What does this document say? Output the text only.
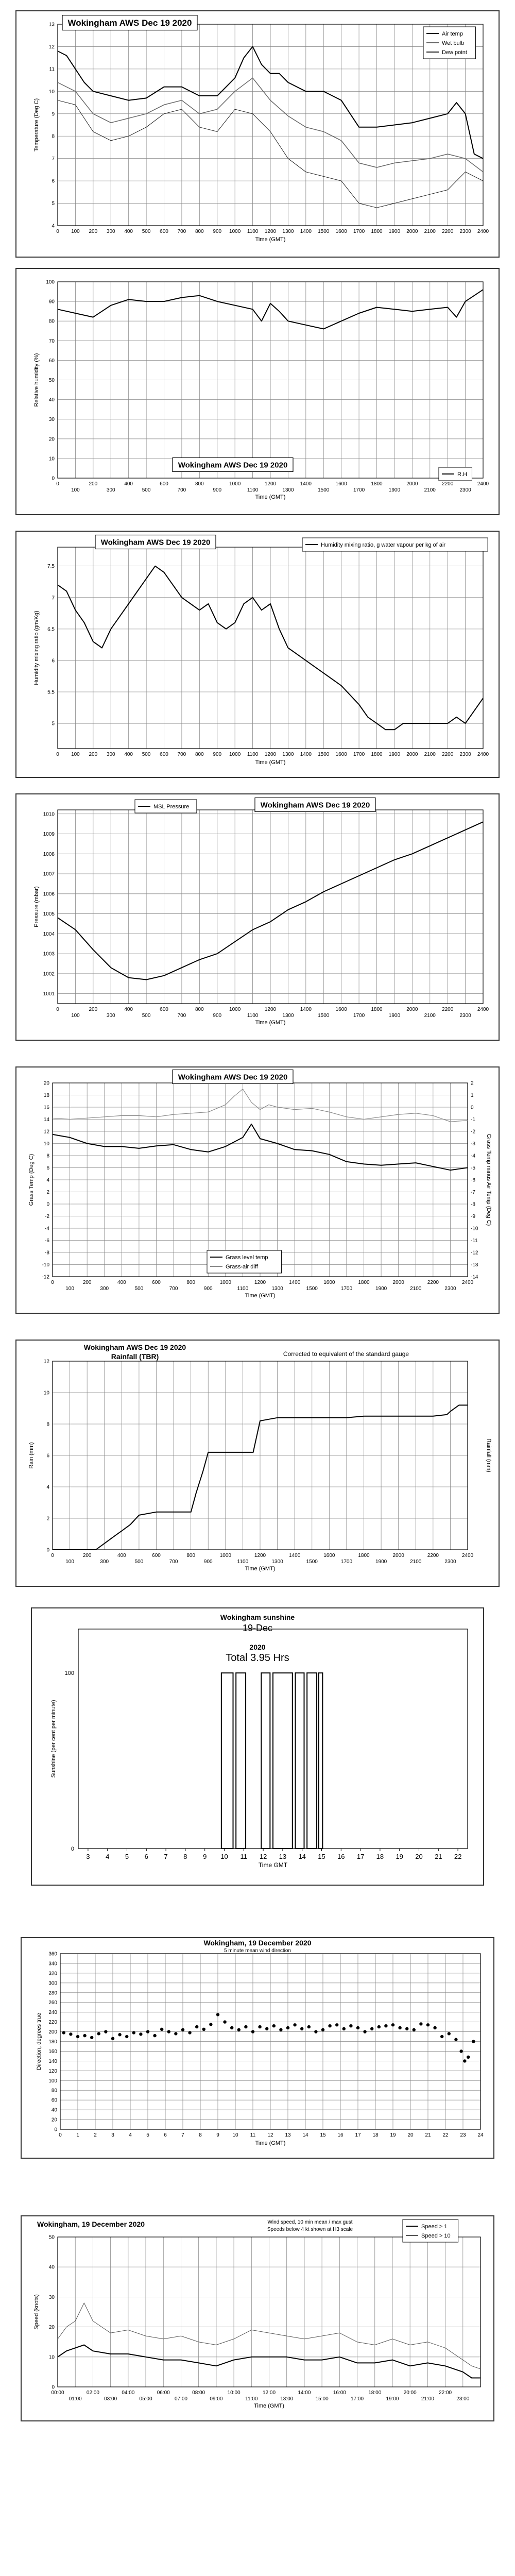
4
5
6
7
8
9
10
11
12
13
0 100 200 300 400 500 600 700 800 900 1000 1100 1200 1300 1400 1500 1600 1700 1800 1900 2000 2100 2200 2300 2400
Time (GMT)
Temperature (Deg C)
Wokingham AWS Dec 19 2020
Air temp
Wet bulb
Dew point
0
10
20
30
40
50
60
70
80
90
100
0	200	400	600	800	1000	1200	1400	1600	1800	2000	2200	2400
100	300	500	700	900	1100	1300	1500	1700	1900	2100	2300
Time (GMT)
Relative humidity (%)
Wokingham AWS Dec 19 2020
R.H
5
5.5
6
6.5
7
7.5
0 100 200 300 400 500 600 700 800 900 1000 1100 1200 1300 1400 1500 1600 1700 1800 1900 2000 2100 2200 2300 2400
Time (GMT)
Humidity mixing ratio (gm/Kg)
Wokingham AWS Dec 19 2020	Humidity mixing ratio, g water vapour per kg of air
1001
1002
1003
1004
1005
1006
1007
1008
1009
1010
0	200	400	600	800	1000	1200	1400	1600	1800	2000	2200	2400
100	300	500	700	900	1100	1300	1500	1700	1900	2100	2300
Time (GMT)
Pressure (mbar)
Wokingham AWS Dec 19 2020
MSL Pressure
-12
-10
-8
-6
-4
-2
0
2
4
6
8
10
12
14
16
18
20
-14
-13
-12
-11
-10
-9
-8
-7
-6
-5
-4
-3
-2
-1
0
1
2
0	200	400	600	800	1000	1200	1400	1600	1800	2000	2200	2400
100	300	500	700	900	1100	1300	1500	1700	1900	2100	2300
Time (GMT)
Grass Temp (Deg C)	Grass Temp minus Air Temp (Deg C)
Wokingham AWS Dec 19 2020
Grass level temp
Grass-air diff
0
2
4
6
8
10
12
0	200	400	600	800	1000	1200	1400	1600	1800	2000	2200	2400
100	300	500	700	900	1100	1300	1500	1700	1900	2100	2300
Time (GMT)
Rain (mm)	Rainfall (mm)
Wokingham AWS Dec 19 2020
Rainfall (TBR)	Corrected to equivalent of the standard gauge
3 4 5 6 7 8 9 10 11 12 13 14 15 16 17 18 19 20 21 22
0
100
Time GMT
Sunshine (per cent per minute)
Wokingham sunshine
19-Dec
2020
Total 3.95 Hrs
0
20
40
60
80
100
120
140
160
180
200
220
240
260
280
300
320
340
360
0	1	2	3	4	5	6	7	8	9	10 11 12 13 14 15 16 17 18 19 20 21 22 23 24
Time (GMT)
Direction, degrees true
Wokingham, 19 December 2020
5 minute mean wind direction
0
10
20
30
40
50
00:00	02:00	04:00	06:00	08:00	10:00	12:00	14:00	16:00	18:00	20:00	22:00
01:00	03:00	05:00	07:00	09:00	11:00	13:00	15:00	17:00	19:00	21:00	23:00
Time (GMT)
Speed (knots)
Speed > 1
Speed > 10
Wokingham, 19 December 2020	Wind speed, 10 min mean / max gust
Speeds below 4 kt shown at H3 scale
